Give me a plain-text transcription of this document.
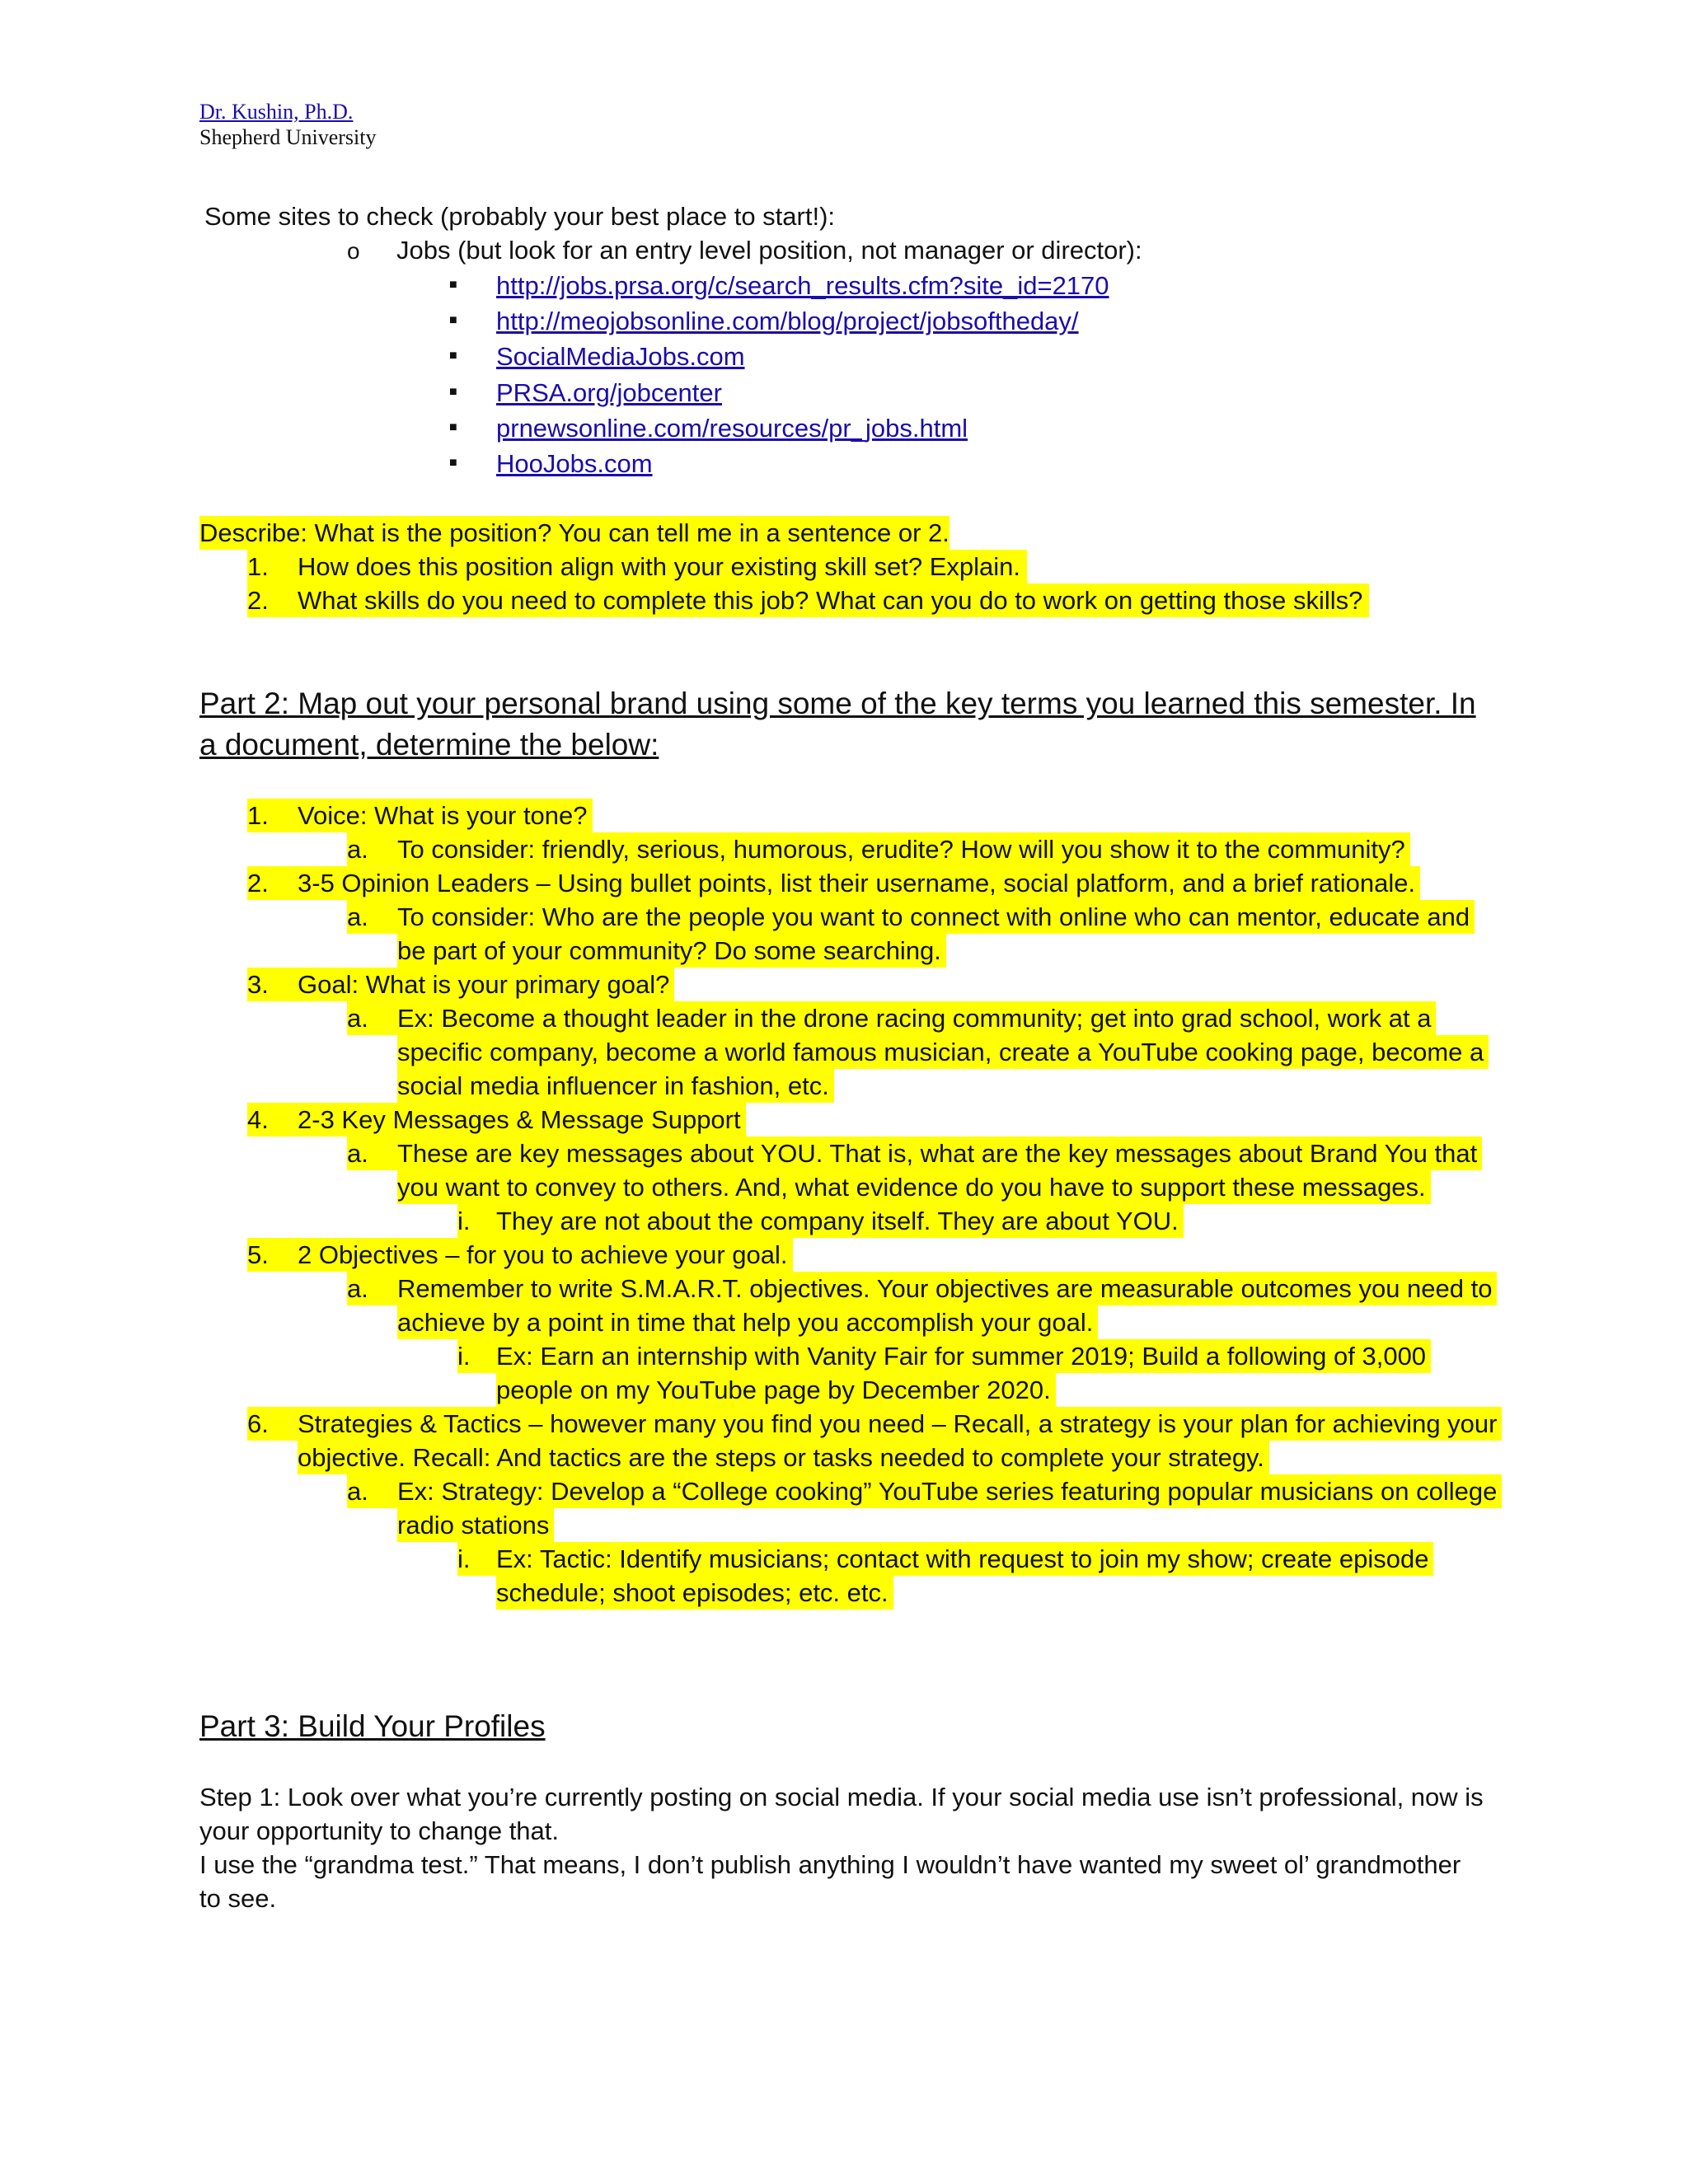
Dr. Kushin, Ph.D.
Shepherd University
Some sites to check (probably your best place to start!):
o Jobs (but look for an entry level position, not manager or director):
■ http://jobs.prsa.org/c/search_results.cfm?site_id=2170
■ http://meojobsonline.com/blog/project/jobsoftheday/
■ SocialMediaJobs.com
■ PRSA.org/jobcenter
■ prnewsonline.com/resources/pr_jobs.html
■ HooJobs.com
Describe: What is the position? You can tell me in a sentence or 2.
1. How does this position align with your existing skill set? Explain.
2. What skills do you need to complete this job? What can you do to work on getting those skills?
Part 2: Map out your personal brand using some of the key terms you learned this semester. In
a document, determine the below:
1.	Voice: What is your tone?
a.	To consider: friendly, serious, humorous, erudite? How will you show it to the community?
2.	3-5 Opinion Leaders – Using bullet points, list their username, social platform, and a brief rationale.
a.	To consider: Who are the people you want to connect with online who can mentor, educate and
be part of your community? Do some searching.
3.	Goal: What is your primary goal?
a.	Ex: Become a thought leader in the drone racing community; get into grad school, work at a
specific company, become a world famous musician, create a YouTube cooking page, become a
social media influencer in fashion, etc.
4.	2-3 Key Messages & Message Support
a.	These are key messages about YOU. That is, what are the key messages about Brand You that
you want to convey to others. And, what evidence do you have to support these messages.
i.	They are not about the company itself. They are about YOU.
5.	2 Objectives – for you to achieve your goal.
a.	Remember to write S.M.A.R.T. objectives. Your objectives are measurable outcomes you need to
achieve by a point in time that help you accomplish your goal.
i.	Ex: Earn an internship with Vanity Fair for summer 2019; Build a following of 3,000
people on my YouTube page by December 2020.
6.	Strategies & Tactics – however many you find you need – Recall, a strategy is your plan for achieving your
objective. Recall: And tactics are the steps or tasks needed to complete your strategy.
a.	Ex: Strategy: Develop a “College cooking” YouTube series featuring popular musicians on college
radio stations
i.	Ex: Tactic: Identify musicians; contact with request to join my show; create episode
schedule; shoot episodes; etc. etc.
Part 3: Build Your Profiles
Step 1: Look over what you’re currently posting on social media. If your social media use isn’t professional, now is
your opportunity to change that.
I use the “grandma test.” That means, I don’t publish anything I wouldn’t have wanted my sweet ol’ grandmother
to see.
